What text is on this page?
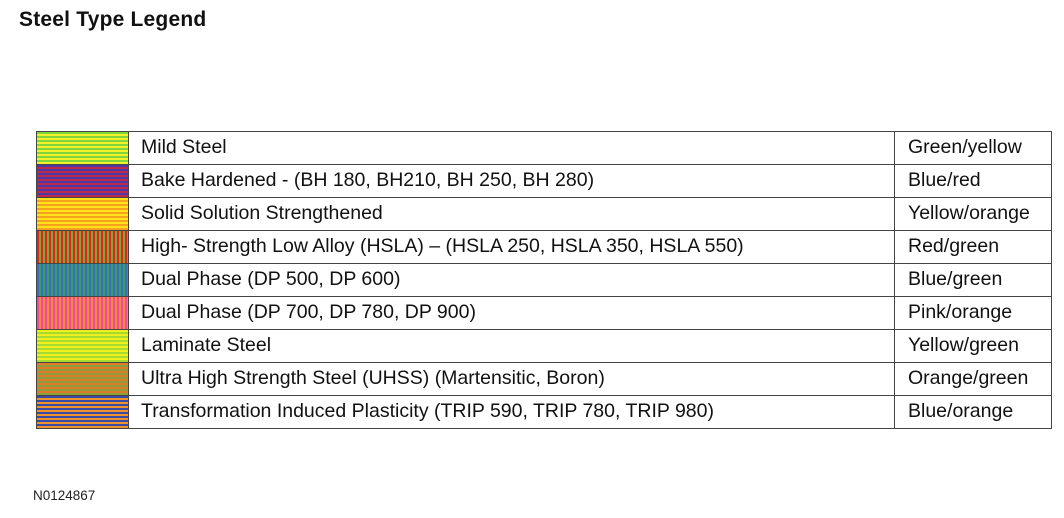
Steel Type Legend
	Mild Steel	Green/yellow

	Bake Hardened - (BH 180, BH210, BH 250, BH 280)	Blue/red

	Solid Solution Strengthened	Yellow/orange

	High- Strength Low Alloy (HSLA) – (HSLA 250, HSLA 350, HSLA 550)	Red/green

	Dual Phase (DP 500, DP 600)	Blue/green

	Dual Phase (DP 700, DP 780, DP 900)	Pink/orange

	Laminate Steel	Yellow/green

	Ultra High Strength Steel (UHSS) (Martensitic, Boron)	Orange/green

	Transformation Induced Plasticity (TRIP 590, TRIP 780, TRIP 980)	Blue/orange
N0124867
